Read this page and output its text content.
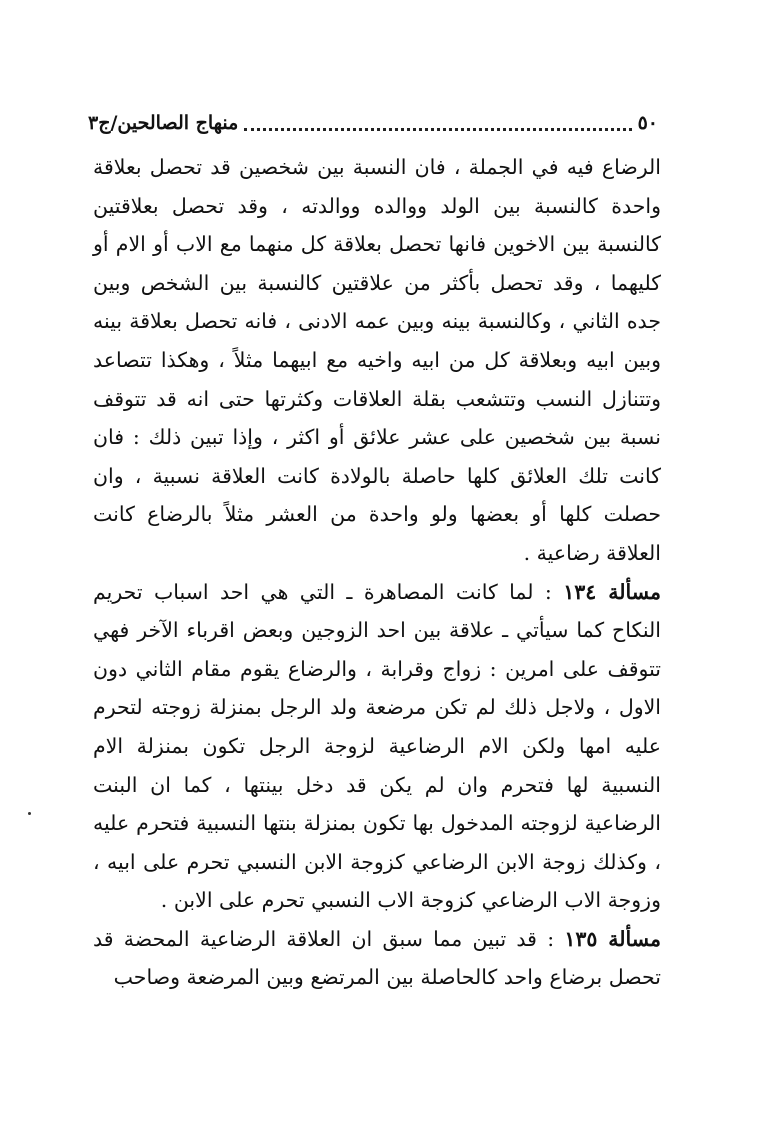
منهاج الصالحين/ج٣	٥٠

الرضاع فيه في الجملة ، فان النسبة بين شخصين قد تحصل بعلاقة واحدة كالنسبة بين الولد ووالده ووالدته ، وقد تحصل بعلاقتين كالنسبة بين الاخوين فانها تحصل بعلاقة كل منهما مع الاب أو الام أو كليهما ، وقد تحصل بأكثر من علاقتين كالنسبة بين الشخص وبين جده الثاني ، وكالنسبة بينه وبين عمه الادنى ، فانه تحصل بعلاقة بينه وبين ابيه وبعلاقة كل من ابيه واخيه مع ابيهما مثلاً ، وهكذا تتصاعد وتتنازل النسب وتتشعب بقلة العلاقات وكثرتها حتى انه قد تتوقف نسبة بين شخصين على عشر علائق أو اكثر ، وإذا تبين ذلك : فان كانت تلك العلائق كلها حاصلة بالولادة كانت العلاقة نسبية ، وان حصلت كلها أو بعضها ولو واحدة من العشر مثلاً بالرضاع كانت العلاقة رضاعية .

مسألة ١٣٤ : لما كانت المصاهرة ـ التي هي احد اسباب تحريم النكاح كما سيأتي ـ علاقة بين احد الزوجين وبعض اقرباء الآخر فهي تتوقف على امرين : زواج وقرابة ، والرضاع يقوم مقام الثاني دون الاول ، ولاجل ذلك لم تكن مرضعة ولد الرجل بمنزلة زوجته لتحرم عليه امها ولكن الام الرضاعية لزوجة الرجل تكون بمنزلة الام النسبية لها فتحرم وان لم يكن قد دخل بينتها ، كما ان البنت الرضاعية لزوجته المدخول بها تكون بمنزلة بنتها النسبية فتحرم عليه ، وكذلك زوجة الابن الرضاعي كزوجة الابن النسبي تحرم على ابيه ، وزوجة الاب الرضاعي كزوجة الاب النسبي تحرم على الابن .

مسألة ١٣٥ : قد تبين مما سبق ان العلاقة الرضاعية المحضة قد تحصل برضاع واحد كالحاصلة بين المرتضع وبين المرضعة وصاحب
